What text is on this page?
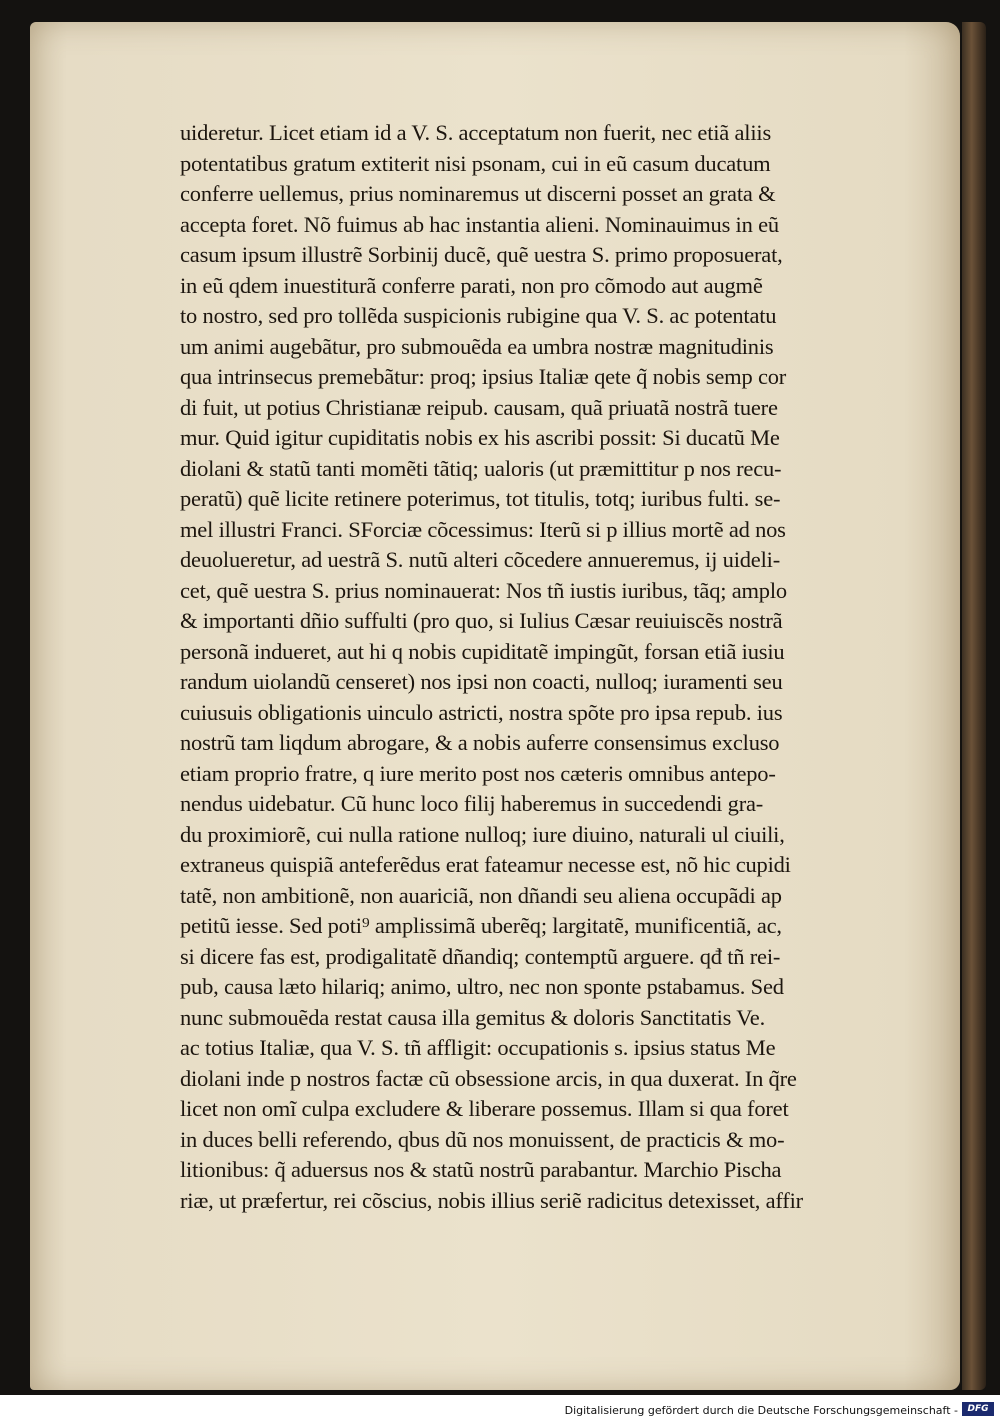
uideretur. Licet etiam id a V. S. acceptatum non fuerit, nec etiã aliis
potentatibus gratum extiterit nisi psonam, cui in eũ casum ducatum
conferre uellemus, prius nominaremus ut discerni posset an grata &
accepta foret. Nõ fuimus ab hac instantia alieni. Nominauimus in eũ
casum ipsum illustrẽ Sorbinij ducẽ, quẽ uestra S. primo proposuerat,
in eũ qdem inuestiturã conferre parati, non pro cõmodo aut augmẽ
to nostro, sed pro tollẽda suspicionis rubigine qua V. S. ac potentatu
um animi augebãtur, pro submouẽda ea umbra nostræ magnitudinis
qua intrinsecus premebãtur: proq; ipsius Italiæ qete q̃ nobis semp cor
di fuit, ut potius Christianæ reipub. causam, quã priuatã nostrã tuere
mur. Quid igitur cupiditatis nobis ex his ascribi possit: Si ducatũ Me
diolani & statũ tanti momẽti tãtiq; ualoris (ut præmittitur p nos recu-
peratũ) quẽ licite retinere poterimus, tot titulis, totq; iuribus fulti. se-
mel illustri Franci. SForciæ cõcessimus: Iterũ si p illius mortẽ ad nos
deuolueretur, ad uestrã S. nutũ alteri cõcedere annueremus, ĳ uideli-
cet, quẽ uestra S. prius nominauerat: Nos tñ iustis iuribus, tãq; amplo
& importanti dñio suffulti (pro quo, si Iulius Cæsar reuiuiscẽs nostrã
personã indueret, aut hi q nobis cupiditatẽ impingũt, forsan etiã iusiu
randum uiolandũ censeret) nos ipsi non coacti, nulloq; iuramenti seu
cuiusuis obligationis uinculo astricti, nostra spõte pro ipsa repub. ius
nostrũ tam liqdum abrogare, & a nobis auferre consensimus excluso
etiam proprio fratre, q iure merito post nos cæteris omnibus antepo-
nendus uidebatur. Cũ hunc loco filij haberemus in succedendi gra-
du proximiorẽ, cui nulla ratione nulloq; iure diuino, naturali ul ciuili,
extraneus quispiã anteferẽdus erat fateamur necesse est, nõ hic cupidi
tatẽ, non ambitionẽ, non auariciã, non dñandi seu aliena occupãdi ap
petitũ iesse. Sed poti⁹ amplissimã uberẽq; largitatẽ, munificentiã, ac,
si dicere fas est, prodigalitatẽ dñandiq; contemptũ arguere. qđ tñ rei-
pub, causa læto hilariq; animo, ultro, nec non sponte pstabamus. Sed
nunc submouẽda restat causa illa gemitus & doloris Sanctitatis Ve.
ac totius Italiæ, qua V. S. tñ affligit: occupationis s. ipsius status Me
diolani inde p nostros factæ cũ obsessione arcis, in qua duxerat. In q̃re
licet non omĩ culpa excludere & liberare possemus. Illam si qua foret
in duces belli referendo, qbus dũ nos monuissent, de practicis & mo-
litionibus: q̃ aduersus nos & statũ nostrũ parabantur. Marchio Pischa
riæ, ut præfertur, rei cõscius, nobis illius seriẽ radicitus detexisset, affir
Digitalisierung gefördert durch die Deutsche Forschungsgemeinschaft -	DFG
